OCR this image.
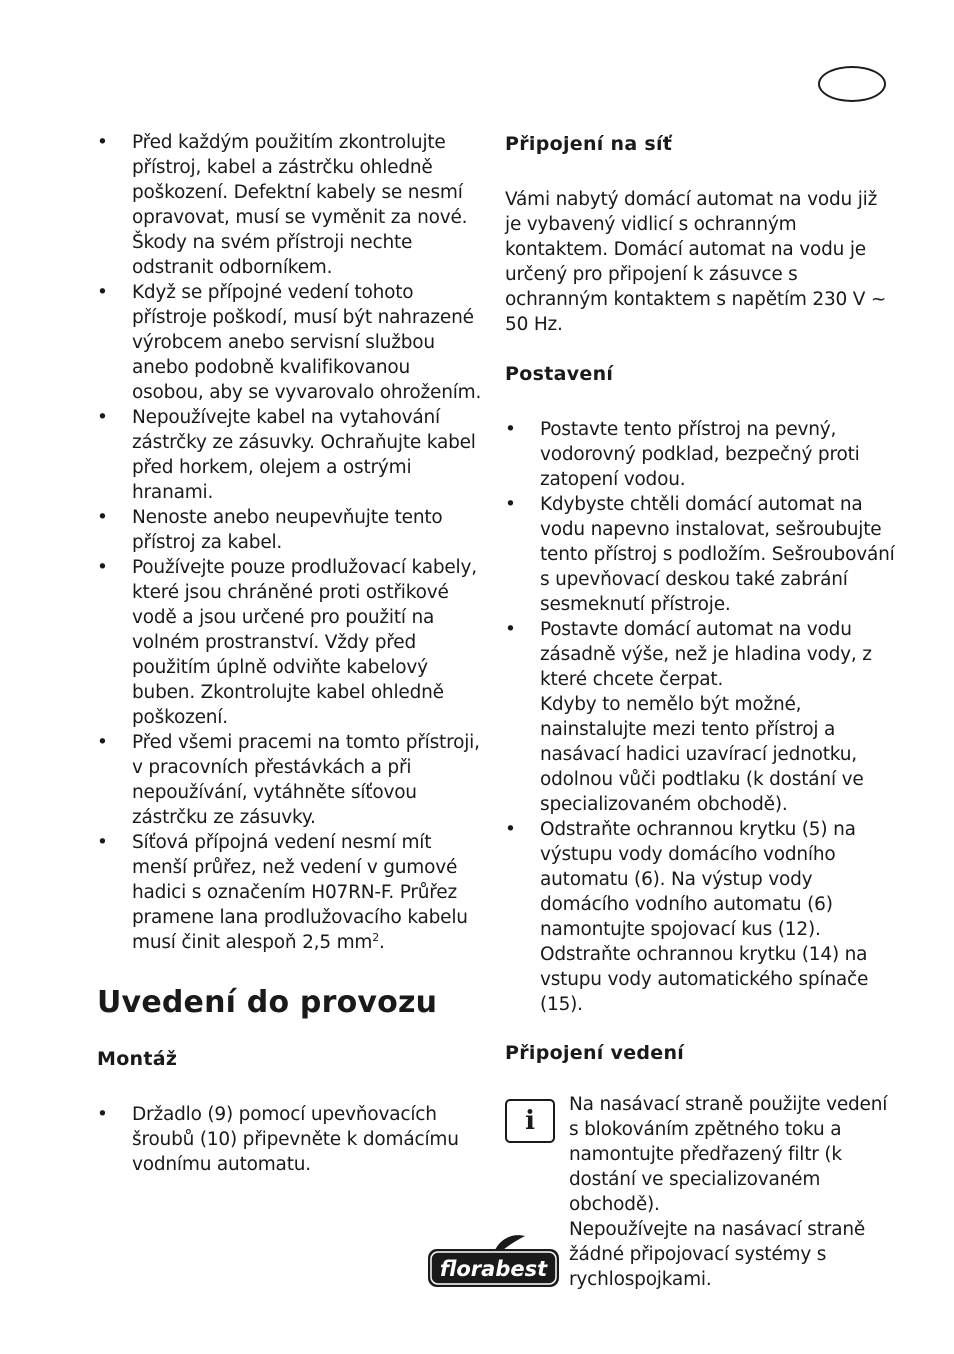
• Před každým použitím zkontrolujte přístroj, kabel a zástrčku ohledně poškození. Defektní kabely se nesmí opravovat, musí se vyměnit za nové. Škody na svém přístroji nechte odstranit odborníkem.
• Když se přípojné vedení tohoto přístroje poškodí, musí být nahrazené výrobcem anebo servisní službou anebo podobně kvalifikovanou osobou, aby se vyvarovalo ohrožením.
• Nepoužívejte kabel na vytahování zástrčky ze zásuvky. Ochraňujte kabel před horkem, olejem a ostrými hranami.
• Nenoste anebo neupevňujte tento přístroj za kabel.
• Používejte pouze prodlužovací kabely, které jsou chráněné proti ostřikové vodě a jsou určené pro použití na volném prostranství. Vždy před použitím úplně odviňte kabelový buben. Zkontrolujte kabel ohledně poškození.
• Před všemi pracemi na tomto přístroji, v pracovních přestávkách a při nepoužívání, vytáhněte síťovou zástrčku ze zásuvky.
• Síťová přípojná vedení nesmí mít menší průřez, než vedení v gumové hadici s označením H07RN-F. Průřez pramene lana prodlužovacího kabelu musí činit alespoň 2,5 $mm^2$.
Uvedení do provozu
Montáž
• Držadlo (9) pomocí upevňovacích šroubů (10) připevněte k domácímu vodnímu automatu.
Připojení na síť

Vámi nabytý domácí automat na vodu již je vybavený vidlicí s ochranným kontaktem. Domácí automat na vodu je určený pro připojení k zásuvce s ochranným kontaktem s napětím 230 V ~ 50 Hz.

Postavení
• Postavte tento přístroj na pevný, vodorovný podklad, bezpečný proti zatopení vodou.
• Kdybyste chtěli domácí automat na vodu napevno instalovat, sešroubujte tento přístroj s podložím. Sešroubování s upevňovací deskou také zabrání sesmeknutí přístroje.
• Postavte domácí automat na vodu zásadně výše, než je hladina vody, z které chcete čerpat.
Kdyby to nemělo být možné, nainstalujte mezi tento přístroj a nasávací hadici uzavírací jednotku, odolnou vůči podtlaku (k dostání ve specializovaném obchodě).
• Odstraňte ochrannou krytku (5) na výstupu vody domácího vodního automatu (6). Na výstup vody domácího vodního automatu (6) namontujte spojovací kus (12).
Odstraňte ochrannou krytku (14) na vstupu vody automatického spínače (15).
Připojení vedení
i
Na nasávací straně použijte vedení s blokováním zpětného toku a namontujte předřazený filtr (k dostání ve specializovaném obchodě).
Nepoužívejte na nasávací straně žádné připojovací systémy s rychlospojkami.
florabest
